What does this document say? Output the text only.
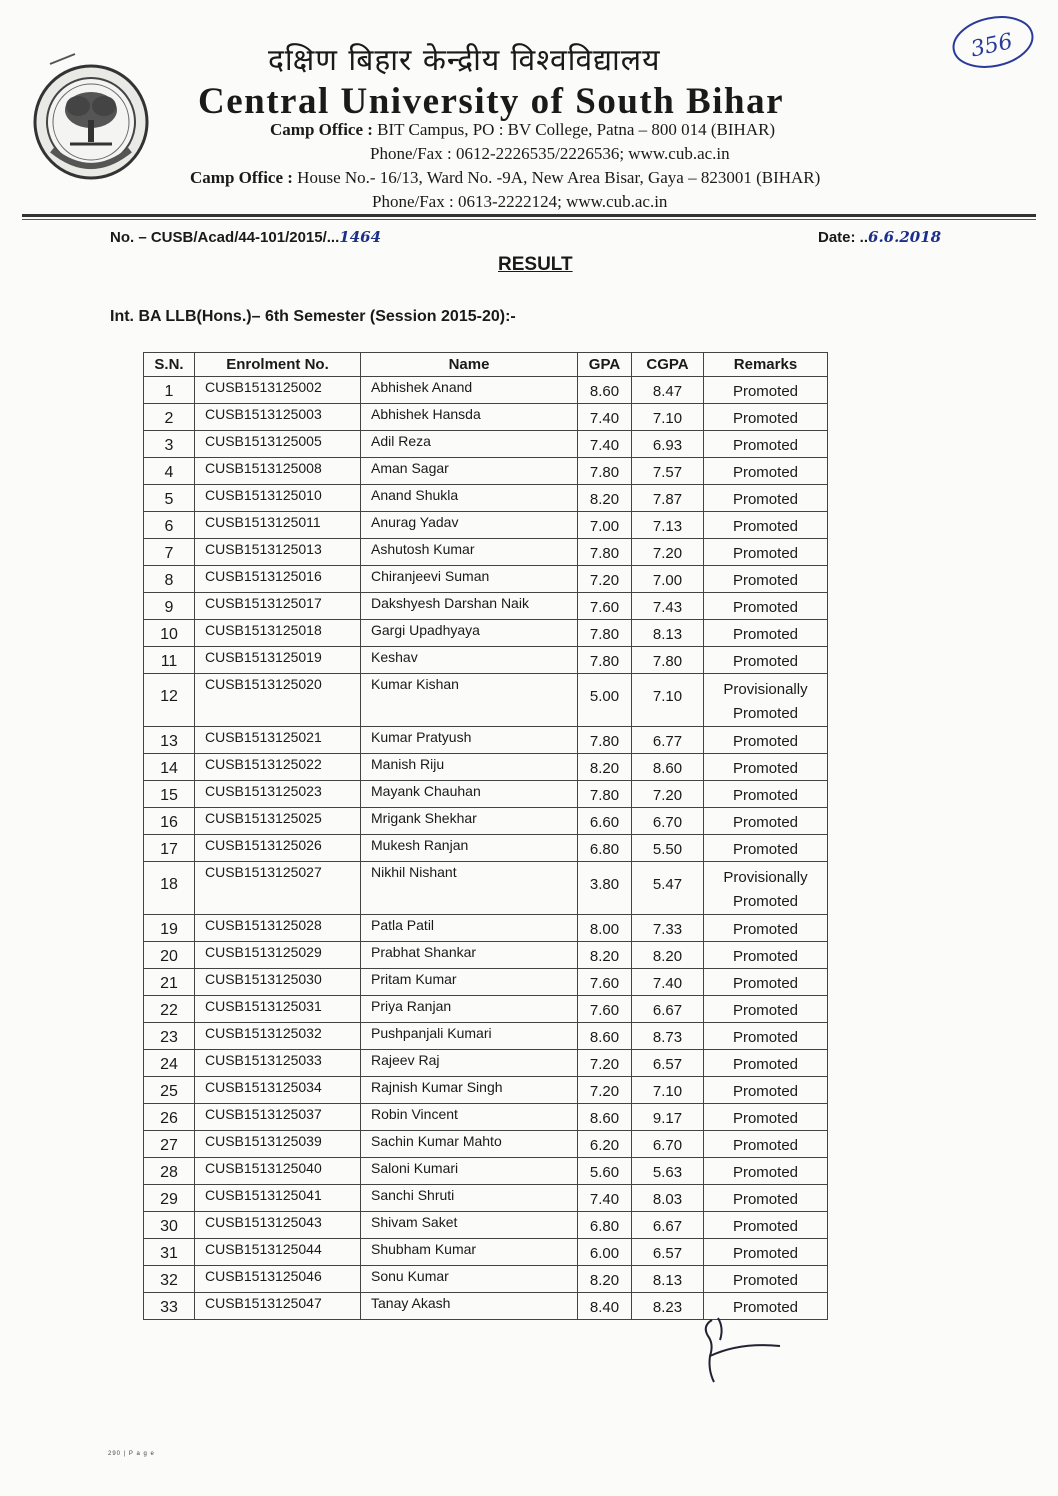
दक्षिण बिहार केन्द्रीय विश्वविद्यालय
Central University of South Bihar
Camp Office : BIT Campus, PO : BV College, Patna – 800 014 (BIHAR)
Phone/Fax : 0612-2226535/2226536; www.cub.ac.in
Camp Office : House No.- 16/13, Ward No. -9A, New Area Bisar, Gaya – 823001 (BIHAR)
Phone/Fax : 0613-2222124; www.cub.ac.in
356
No. – CUSB/Acad/44-101/2015/...1464	Date: ..6.6.2018
RESULT
Int. BA LLB(Hons.)– 6th Semester (Session 2015-20):-
S.N.	Enrolment No.	Name	GPA	CGPA	Remarks

1	CUSB1513125002	Abhishek Anand	8.60	8.47	Promoted

2	CUSB1513125003	Abhishek Hansda	7.40	7.10	Promoted

3	CUSB1513125005	Adil Reza	7.40	6.93	Promoted

4	CUSB1513125008	Aman Sagar	7.80	7.57	Promoted

5	CUSB1513125010	Anand Shukla	8.20	7.87	Promoted

6	CUSB1513125011	Anurag Yadav	7.00	7.13	Promoted

7	CUSB1513125013	Ashutosh Kumar	7.80	7.20	Promoted

8	CUSB1513125016	Chiranjeevi Suman	7.20	7.00	Promoted

9	CUSB1513125017	Dakshyesh Darshan Naik	7.60	7.43	Promoted

10	CUSB1513125018	Gargi Upadhyaya	7.80	8.13	Promoted

11	CUSB1513125019	Keshav	7.80	7.80	Promoted

12	CUSB1513125020	Kumar Kishan	5.00	7.10	Provisionally Promoted

13	CUSB1513125021	Kumar Pratyush	7.80	6.77	Promoted

14	CUSB1513125022	Manish Riju	8.20	8.60	Promoted

15	CUSB1513125023	Mayank Chauhan	7.80	7.20	Promoted

16	CUSB1513125025	Mrigank Shekhar	6.60	6.70	Promoted

17	CUSB1513125026	Mukesh Ranjan	6.80	5.50	Promoted

18	CUSB1513125027	Nikhil Nishant	3.80	5.47	Provisionally Promoted

19	CUSB1513125028	Patla Patil	8.00	7.33	Promoted

20	CUSB1513125029	Prabhat Shankar	8.20	8.20	Promoted

21	CUSB1513125030	Pritam Kumar	7.60	7.40	Promoted

22	CUSB1513125031	Priya Ranjan	7.60	6.67	Promoted

23	CUSB1513125032	Pushpanjali Kumari	8.60	8.73	Promoted

24	CUSB1513125033	Rajeev Raj	7.20	6.57	Promoted

25	CUSB1513125034	Rajnish Kumar Singh	7.20	7.10	Promoted

26	CUSB1513125037	Robin Vincent	8.60	9.17	Promoted

27	CUSB1513125039	Sachin Kumar Mahto	6.20	6.70	Promoted

28	CUSB1513125040	Saloni Kumari	5.60	5.63	Promoted

29	CUSB1513125041	Sanchi Shruti	7.40	8.03	Promoted

30	CUSB1513125043	Shivam Saket	6.80	6.67	Promoted

31	CUSB1513125044	Shubham Kumar	6.00	6.57	Promoted

32	CUSB1513125046	Sonu Kumar	8.20	8.13	Promoted

33	CUSB1513125047	Tanay Akash	8.40	8.23	Promoted
290 | P a g e
